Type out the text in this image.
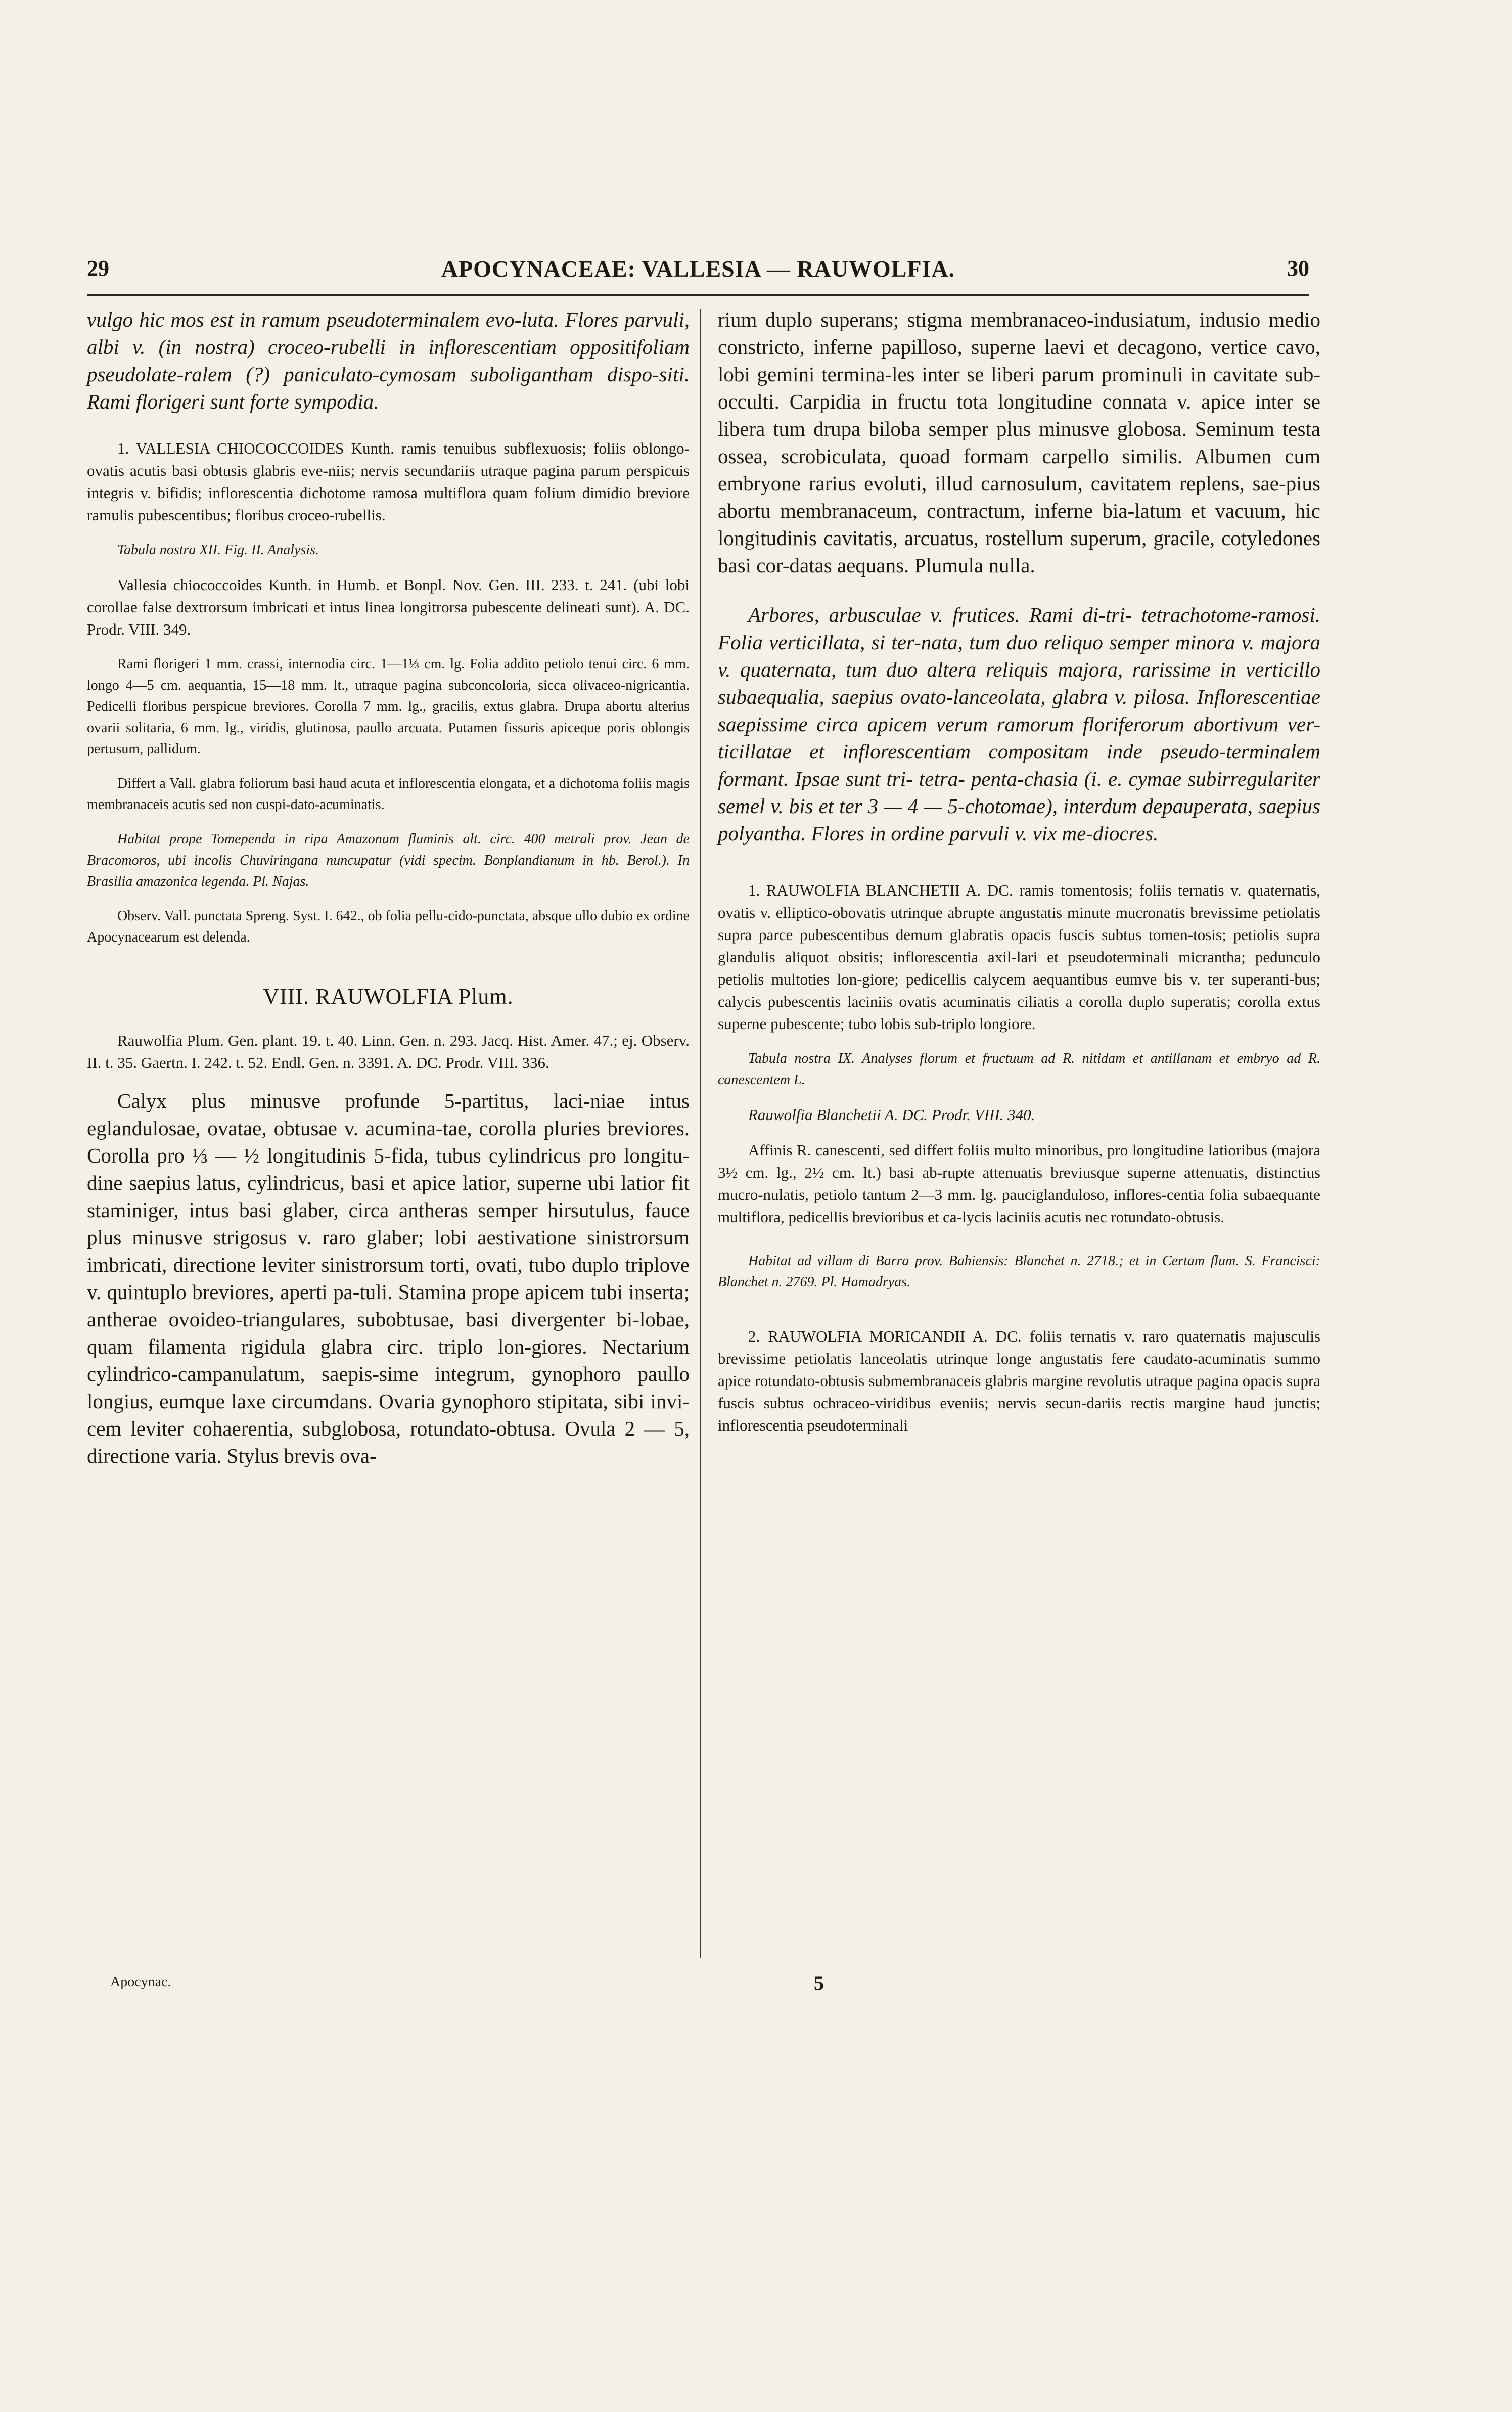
29	APOCYNACEAE: VALLESIA — RAUWOLFIA.	30

vulgo hic mos est in ramum pseudoterminalem evo-luta. Flores parvuli, albi v. (in nostra) croceo-rubelli in inflorescentiam oppositifoliam pseudolate-ralem (?) paniculato-cymosam suboligantham dispo-siti. Rami florigeri sunt forte sympodia.

1. VALLESIA CHIOCOCCOIDES Kunth. ramis tenuibus subflexuosis; foliis oblongo-ovatis acutis basi obtusis glabris eve-niis; nervis secundariis utraque pagina parum perspicuis integris v. bifidis; inflorescentia dichotome ramosa multiflora quam folium dimidio breviore ramulis pubescentibus; floribus croceo-rubellis.

Tabula nostra XII. Fig. II. Analysis.

Vallesia chiococcoides Kunth. in Humb. et Bonpl. Nov. Gen. III. 233. t. 241. (ubi lobi corollae false dextrorsum imbricati et intus linea longitrorsa pubescente delineati sunt). A. DC. Prodr. VIII. 349.

Rami florigeri 1 mm. crassi, internodia circ. 1—1⅓ cm. lg. Folia addito petiolo tenui circ. 6 mm. longo 4—5 cm. aequantia, 15—18 mm. lt., utraque pagina subconcoloria, sicca olivaceo-nigricantia. Pedicelli floribus perspicue breviores. Corolla 7 mm. lg., gracilis, extus glabra. Drupa abortu alterius ovarii solitaria, 6 mm. lg., viridis, glutinosa, paullo arcuata. Putamen fissuris apiceque poris oblongis pertusum, pallidum.

Differt a Vall. glabra foliorum basi haud acuta et inflorescentia elongata, et a dichotoma foliis magis membranaceis acutis sed non cuspi-dato-acuminatis.

Habitat prope Tomependa in ripa Amazonum fluminis alt. circ. 400 metrali prov. Jean de Bracomoros, ubi incolis Chuviringana nuncupatur (vidi specim. Bonplandianum in hb. Berol.). In Brasilia amazonica legenda. Pl. Najas.

Observ. Vall. punctata Spreng. Syst. I. 642., ob folia pellu-cido-punctata, absque ullo dubio ex ordine Apocynacearum est delenda.

VIII. RAUWOLFIA Plum.

Rauwolfia Plum. Gen. plant. 19. t. 40. Linn. Gen. n. 293. Jacq. Hist. Amer. 47.; ej. Observ. II. t. 35. Gaertn. I. 242. t. 52. Endl. Gen. n. 3391. A. DC. Prodr. VIII. 336.

Calyx plus minusve profunde 5-partitus, laci-niae intus eglandulosae, ovatae, obtusae v. acumina-tae, corolla pluries breviores. Corolla pro ⅓ — ½ longitudinis 5-fida, tubus cylindricus pro longitu-dine saepius latus, cylindricus, basi et apice latior, superne ubi latior fit staminiger, intus basi glaber, circa antheras semper hirsutulus, fauce plus minusve strigosus v. raro glaber; lobi aestivatione sinistrorsum imbricati, directione leviter sinistrorsum torti, ovati, tubo duplo triplove v. quintuplo breviores, aperti pa-tuli. Stamina prope apicem tubi inserta; antherae ovoideo-triangulares, subobtusae, basi divergenter bi-lobae, quam filamenta rigidula glabra circ. triplo lon-giores. Nectarium cylindrico-campanulatum, saepis-sime integrum, gynophoro paullo longius, eumque laxe circumdans. Ovaria gynophoro stipitata, sibi invi-cem leviter cohaerentia, subglobosa, rotundato-obtusa. Ovula 2 — 5, directione varia. Stylus brevis ova-

rium duplo superans; stigma membranaceo-indusiatum, indusio medio constricto, inferne papilloso, superne laevi et decagono, vertice cavo, lobi gemini termina-les inter se liberi parum prominuli in cavitate sub-occulti. Carpidia in fructu tota longitudine connata v. apice inter se libera tum drupa biloba semper plus minusve globosa. Seminum testa ossea, scrobiculata, quoad formam carpello similis. Albumen cum embryone rarius evoluti, illud carnosulum, cavitatem replens, sae-pius abortu membranaceum, contractum, inferne bia-latum et vacuum, hic longitudinis cavitatis, arcuatus, rostellum superum, gracile, cotyledones basi cor-datas aequans. Plumula nulla.

Arbores, arbusculae v. frutices. Rami di-tri- tetrachotome-ramosi. Folia verticillata, si ter-nata, tum duo reliquo semper minora v. majora v. quaternata, tum duo altera reliquis majora, rarissime in verticillo subaequalia, saepius ovato-lanceolata, glabra v. pilosa. Inflorescentiae saepissime circa apicem verum ramorum floriferorum abortivum ver-ticillatae et inflorescentiam compositam inde pseudo-terminalem formant. Ipsae sunt tri- tetra- penta-chasia (i. e. cymae subirregulariter semel v. bis et ter 3 — 4 — 5-chotomae), interdum depauperata, saepius polyantha. Flores in ordine parvuli v. vix me-diocres.

1. RAUWOLFIA BLANCHETII A. DC. ramis tomentosis; foliis ternatis v. quaternatis, ovatis v. elliptico-obovatis utrinque abrupte angustatis minute mucronatis brevissime petiolatis supra parce pubescentibus demum glabratis opacis fuscis subtus tomen-tosis; petiolis supra glandulis aliquot obsitis; inflorescentia axil-lari et pseudoterminali micrantha; pedunculo petiolis multoties lon-giore; pedicellis calycem aequantibus eumve bis v. ter superanti-bus; calycis pubescentis laciniis ovatis acuminatis ciliatis a corolla duplo superatis; corolla extus superne pubescente; tubo lobis sub-triplo longiore.

Tabula nostra IX. Analyses florum et fructuum ad R. nitidam et antillanam et embryo ad R. canescentem L.

Rauwolfia Blanchetii A. DC. Prodr. VIII. 340.

Affinis R. canescenti, sed differt foliis multo minoribus, pro longitudine latioribus (majora 3½ cm. lg., 2½ cm. lt.) basi ab-rupte attenuatis breviusque superne attenuatis, distinctius mucro-nulatis, petiolo tantum 2—3 mm. lg. pauciglanduloso, inflores-centia folia subaequante multiflora, pedicellis brevioribus et ca-lycis laciniis acutis nec rotundato-obtusis.

Habitat ad villam di Barra prov. Bahiensis: Blanchet n. 2718.; et in Certam flum. S. Francisci: Blanchet n. 2769. Pl. Hamadryas.

2. RAUWOLFIA MORICANDII A. DC. foliis ternatis v. raro quaternatis majusculis brevissime petiolatis lanceolatis utrinque longe angustatis fere caudato-acuminatis summo apice rotundato-obtusis submembranaceis glabris margine revolutis utraque pagina opacis supra fuscis subtus ochraceo-viridibus eveniis; nervis secun-dariis rectis margine haud junctis; inflorescentia pseudoterminali

Apocynac.	5
